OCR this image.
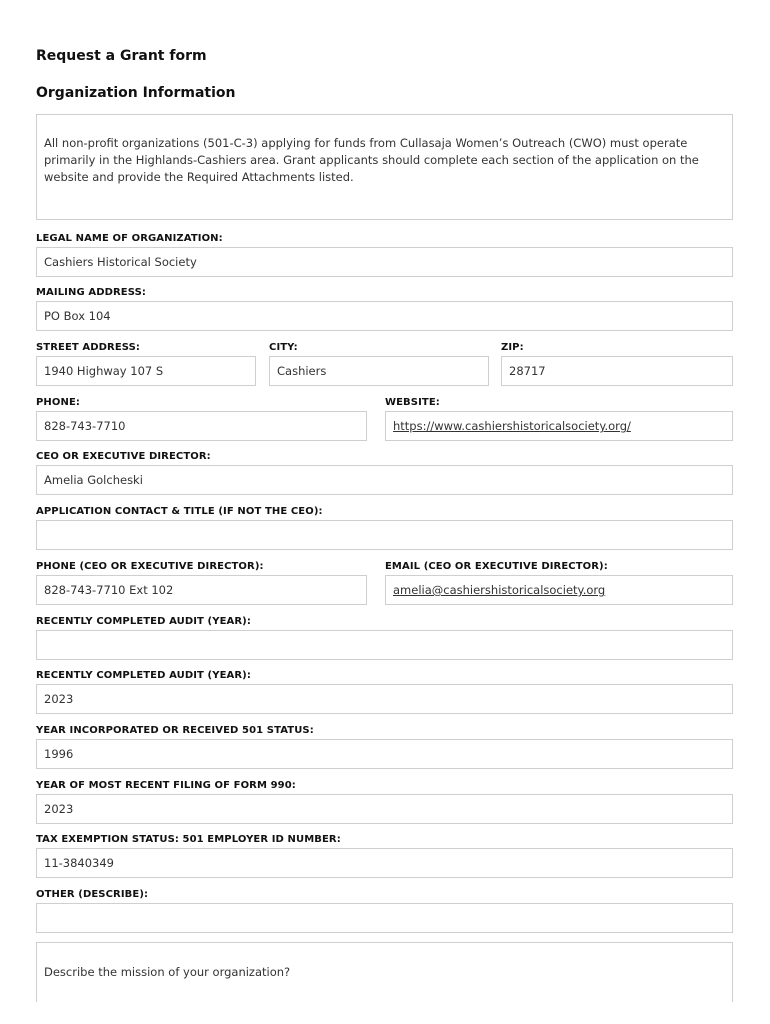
Request a Grant form
Organization Information
All non-profit organizations (501-C-3) applying for funds from Cullasaja Women’s Outreach (CWO) must operate primarily in the Highlands-Cashiers area. Grant applicants should complete each section of the application on the website and provide the Required Attachments listed.
LEGAL NAME OF ORGANIZATION:
Cashiers Historical Society
MAILING ADDRESS:
PO Box 104
STREET ADDRESS:
1940 Highway 107 S
CITY:
Cashiers
ZIP:
28717
PHONE:
828-743-7710
WEBSITE:
https://www.cashiershistoricalsociety.org/
CEO OR EXECUTIVE DIRECTOR:
Amelia Golcheski
APPLICATION CONTACT & TITLE (IF NOT THE CEO):
PHONE (CEO OR EXECUTIVE DIRECTOR):
828-743-7710 Ext 102
EMAIL (CEO OR EXECUTIVE DIRECTOR):
amelia@cashiershistoricalsociety.org
RECENTLY COMPLETED AUDIT (YEAR):
RECENTLY COMPLETED AUDIT (YEAR):
2023
YEAR INCORPORATED OR RECEIVED 501 STATUS:
1996
YEAR OF MOST RECENT FILING OF FORM 990:
2023
TAX EXEMPTION STATUS: 501 EMPLOYER ID NUMBER:
11-3840349
OTHER (DESCRIBE):
Describe the mission of your organization?
